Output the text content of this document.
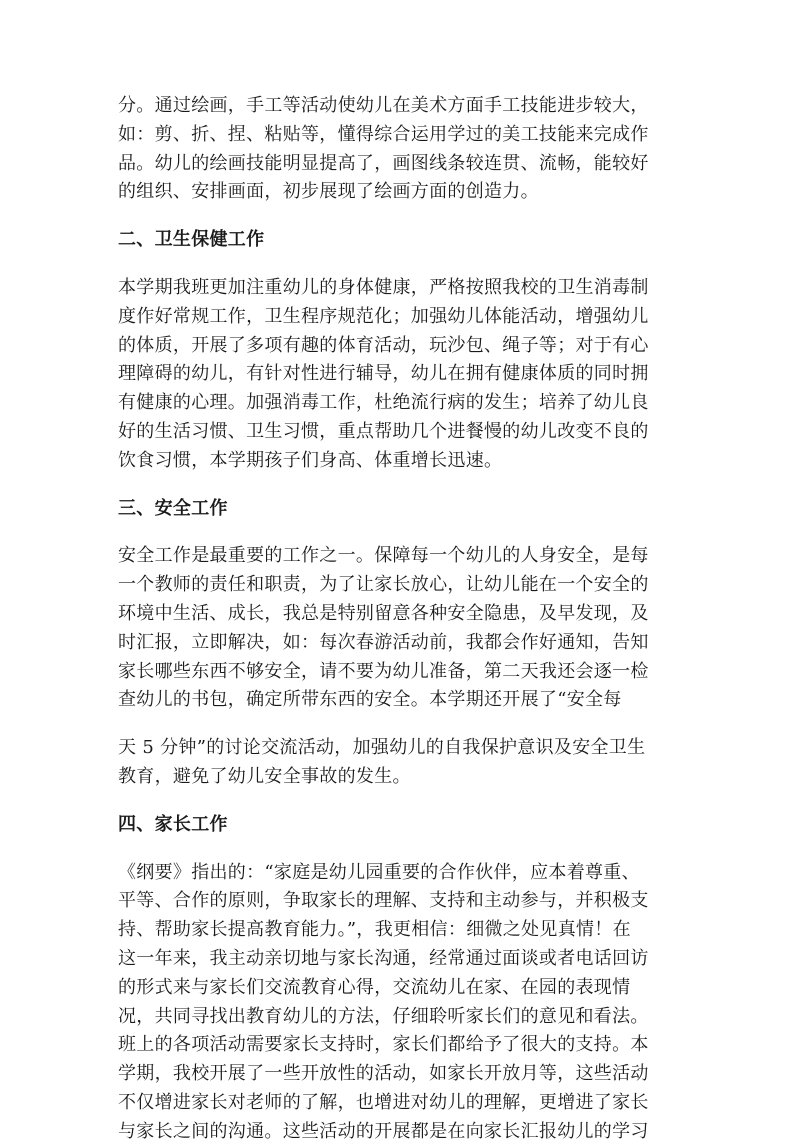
分。通过绘画，手工等活动使幼儿在美术方面手工技能进步较大，

如：剪、折、捏、粘贴等，懂得综合运用学过的美工技能来完成作

品。幼儿的绘画技能明显提高了，画图线条较连贯、流畅，能较好

的组织、安排画面，初步展现了绘画方面的创造力。

二、卫生保健工作

本学期我班更加注重幼儿的身体健康，严格按照我校的卫生消毒制

度作好常规工作，卫生程序规范化；加强幼儿体能活动，增强幼儿

的体质，开展了多项有趣的体育活动，玩沙包、绳子等；对于有心

理障碍的幼儿，有针对性进行辅导，幼儿在拥有健康体质的同时拥

有健康的心理。加强消毒工作，杜绝流行病的发生；培养了幼儿良

好的生活习惯、卫生习惯，重点帮助几个进餐慢的幼儿改变不良的

饮食习惯，本学期孩子们身高、体重增长迅速。

三、安全工作

安全工作是最重要的工作之一。保障每一个幼儿的人身安全，是每

一个教师的责任和职责，为了让家长放心，让幼儿能在一个安全的

环境中生活、成长，我总是特别留意各种安全隐患，及早发现，及

时汇报，立即解决，如：每次春游活动前，我都会作好通知，告知

家长哪些东西不够安全，请不要为幼儿准备，第二天我还会逐一检

查幼儿的书包，确定所带东西的安全。本学期还开展了“安全每

天 5 分钟”的讨论交流活动，加强幼儿的自我保护意识及安全卫生

教育，避免了幼儿安全事故的发生。

四、家长工作

《纲要》指出的：“家庭是幼儿园重要的合作伙伴，应本着尊重、

平等、合作的原则，争取家长的理解、支持和主动参与，并积极支

持、帮助家长提高教育能力。”，我更相信：细微之处见真情！在

这一年来，我主动亲切地与家长沟通，经常通过面谈或者电话回访

的形式来与家长们交流教育心得，交流幼儿在家、在园的表现情

况，共同寻找出教育幼儿的方法，仔细聆听家长们的意见和看法。

班上的各项活动需要家长支持时，家长们都给予了很大的支持。本

学期，我校开展了一些开放性的活动，如家长开放月等，这些活动

不仅增进家长对老师的了解，也增进对幼儿的理解，更增进了家长

与家长之间的沟通。这些活动的开展都是在向家长汇报幼儿的学习
